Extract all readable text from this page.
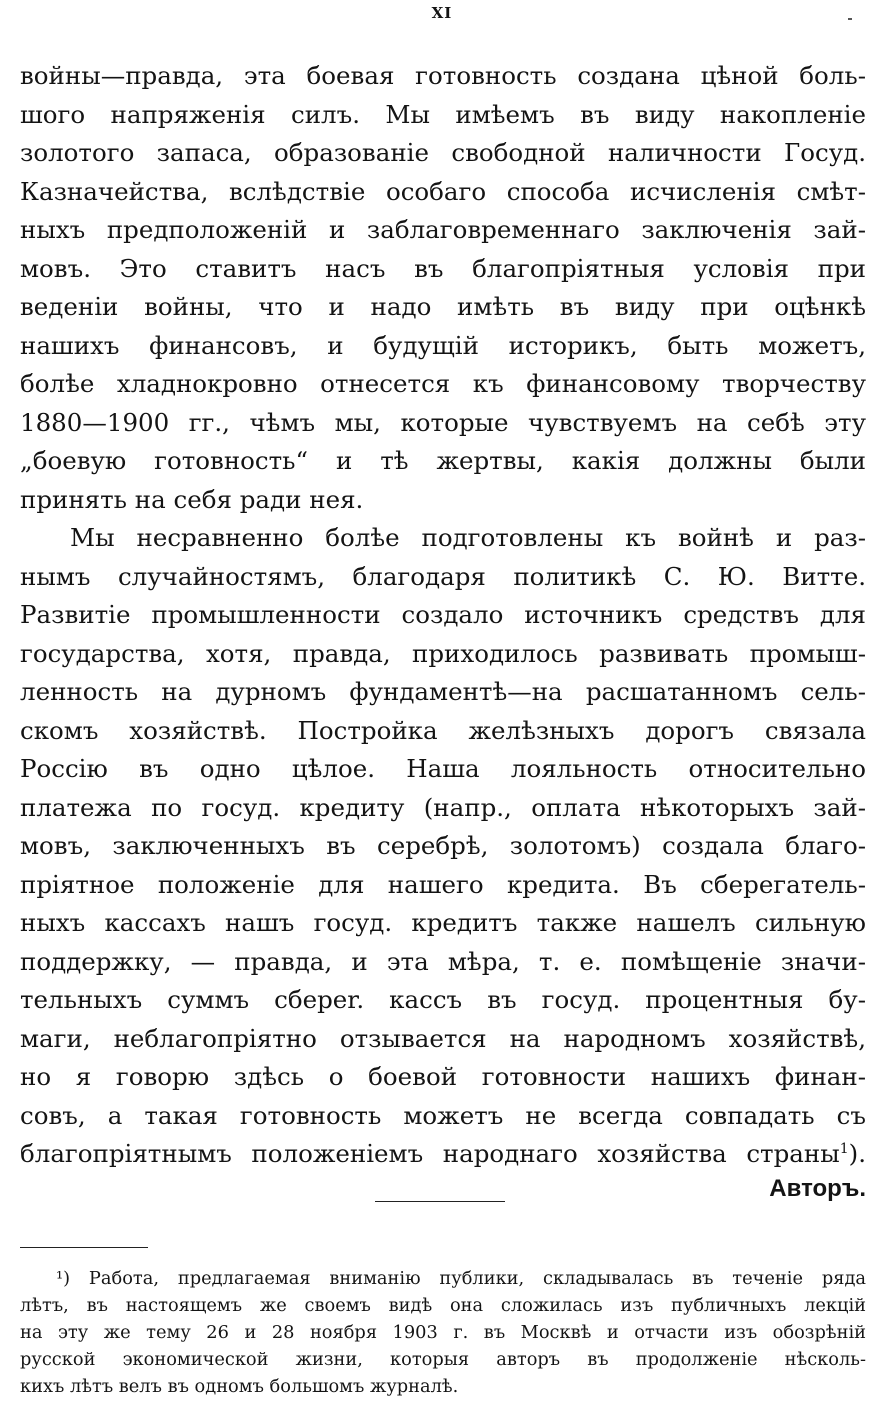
XI
войны—правда, эта боевая готовность создана цѣной боль-
шого напряженія силъ. Мы имѣемъ въ виду накопленіе
золотого запаса, образованіе свободной наличности Госуд.
Казначейства, вслѣдствіе особаго способа исчисленія смѣт-
ныхъ предположеній и заблаговременнаго заключенія зай-
мовъ. Это ставитъ насъ въ благопріятныя условія при
веденіи войны, что и надо имѣть въ виду при оцѣнкѣ
нашихъ финансовъ, и будущій историкъ, быть можетъ,
болѣе хладнокровно отнесется къ финансовому творчеству
1880—1900 гг., чѣмъ мы, которые чувствуемъ на себѣ эту
„боевую готовность“ и тѣ жертвы, какія должны были
принять на себя ради нея.
Мы несравненно болѣе подготовлены къ войнѣ и раз-
нымъ случайностямъ, благодаря политикѣ С. Ю. Витте.
Развитіе промышленности создало источникъ средствъ для
государства, хотя, правда, приходилось развивать промыш-
ленность на дурномъ фундаментѣ—на расшатанномъ сель-
скомъ хозяйствѣ. Постройка желѣзныхъ дорогъ связала
Россію въ одно цѣлое. Наша лояльность относительно
платежа по госуд. кредиту (напр., оплата нѣкоторыхъ зай-
мовъ, заключенныхъ въ серебрѣ, золотомъ) создала благо-
пріятное положеніе для нашего кредита. Въ сберегатель-
ныхъ кассахъ нашъ госуд. кредитъ также нашелъ сильную
поддержку, — правда, и эта мѣра, т. е. помѣщеніе значи-
тельныхъ суммъ сбереr. кассъ въ госуд. процентныя бу-
маги, неблагопріятно отзывается на народномъ хозяйствѣ,
но я говорю здѣсь о боевой готовности нашихъ финан-
совъ, а такая готовность можетъ не всегда совпадать съ
благопріятнымъ положеніемъ народнаго хозяйства страны$^1$).
Авторъ.
¹) Работа, предлагаемая вниманію публики, складывалась въ теченіе ряда
лѣтъ, въ настоящемъ же своемъ видѣ она сложилась изъ публичныхъ лекцій
на эту же тему 26 и 28 ноября 1903 г. въ Москвѣ и отчасти изъ обозрѣній
русской экономической жизни, которыя авторъ въ продолженіе нѣсколь-
кихъ лѣтъ велъ въ одномъ большомъ журналѣ.
